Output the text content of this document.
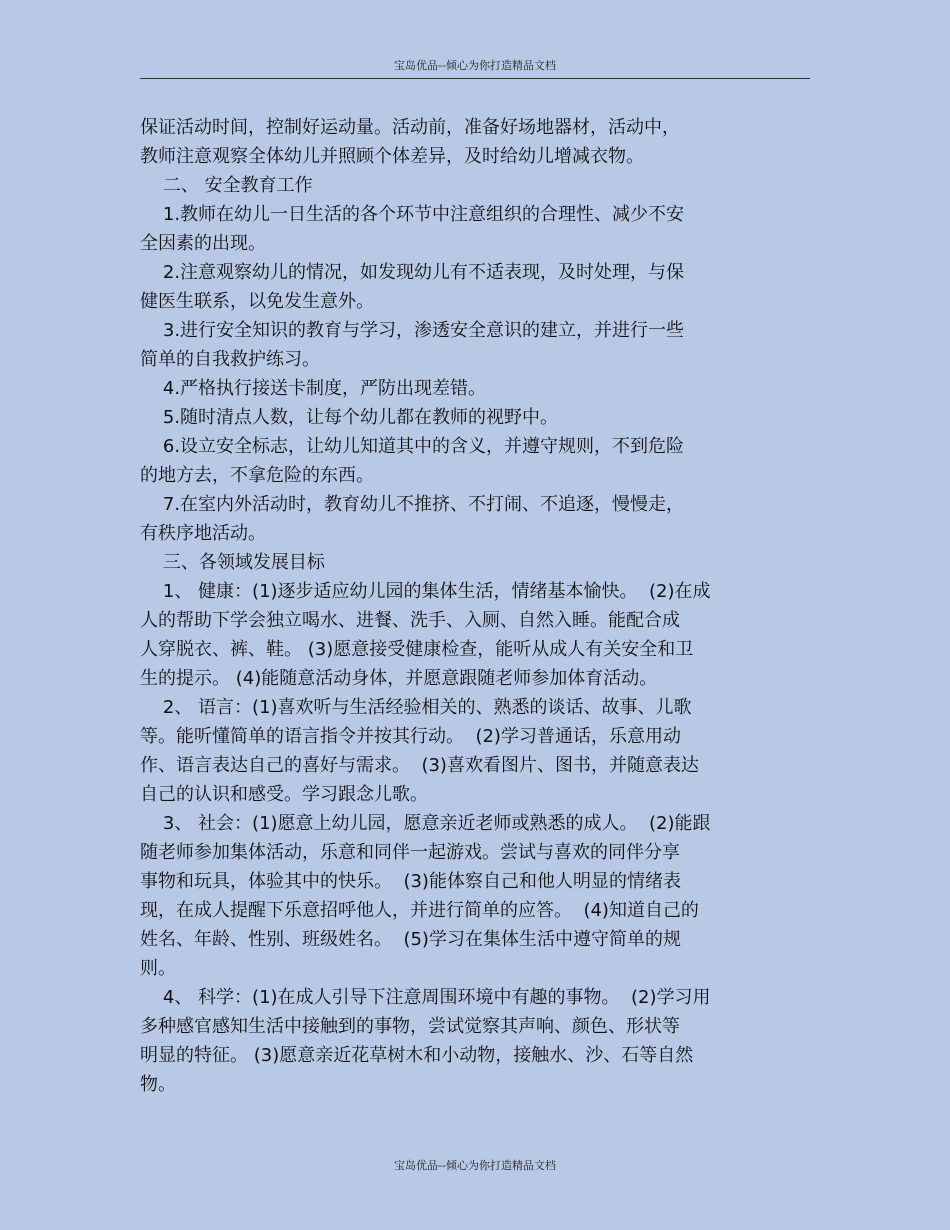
宝岛优品--倾心为你打造精品文档
保证活动时间，控制好运动量。活动前，准备好场地器材，活动中，
教师注意观察全体幼儿并照顾个体差异，及时给幼儿增减衣物。
二、 安全教育工作
1.教师在幼儿一日生活的各个环节中注意组织的合理性、减少不安
全因素的出现。
2.注意观察幼儿的情况，如发现幼儿有不适表现，及时处理，与保
健医生联系，以免发生意外。
3.进行安全知识的教育与学习，渗透安全意识的建立，并进行一些
简单的自我救护练习。
4.严格执行接送卡制度，严防出现差错。
5.随时清点人数，让每个幼儿都在教师的视野中。
6.设立安全标志，让幼儿知道其中的含义，并遵守规则，不到危险
的地方去，不拿危险的东西。
7.在室内外活动时，教育幼儿不推挤、不打闹、不追逐，慢慢走，
有秩序地活动。
三、各领域发展目标
1、 健康：(1)逐步适应幼儿园的集体生活，情绪基本愉快。  (2)在成
人的帮助下学会独立喝水、进餐、洗手、入厕、自然入睡。能配合成
人穿脱衣、裤、鞋。 (3)愿意接受健康检查，能听从成人有关安全和卫
生的提示。 (4)能随意活动身体，并愿意跟随老师参加体育活动。
2、 语言：(1)喜欢听与生活经验相关的、熟悉的谈话、故事、儿歌
等。能听懂简单的语言指令并按其行动。  (2)学习普通话，乐意用动
作、语言表达自己的喜好与需求。  (3)喜欢看图片、图书，并随意表达
自己的认识和感受。学习跟念儿歌。
3、 社会：(1)愿意上幼儿园，愿意亲近老师或熟悉的成人。  (2)能跟
随老师参加集体活动，乐意和同伴一起游戏。尝试与喜欢的同伴分享
事物和玩具，体验其中的快乐。  (3)能体察自己和他人明显的情绪表
现，在成人提醒下乐意招呼他人，并进行简单的应答。  (4)知道自己的
姓名、年龄、性别、班级姓名。  (5)学习在集体生活中遵守简单的规
则。
4、 科学：(1)在成人引导下注意周围环境中有趣的事物。  (2)学习用
多种感官感知生活中接触到的事物，尝试觉察其声响、颜色、形状等
明显的特征。 (3)愿意亲近花草树木和小动物，接触水、沙、石等自然
物。
宝岛优品--倾心为你打造精品文档
